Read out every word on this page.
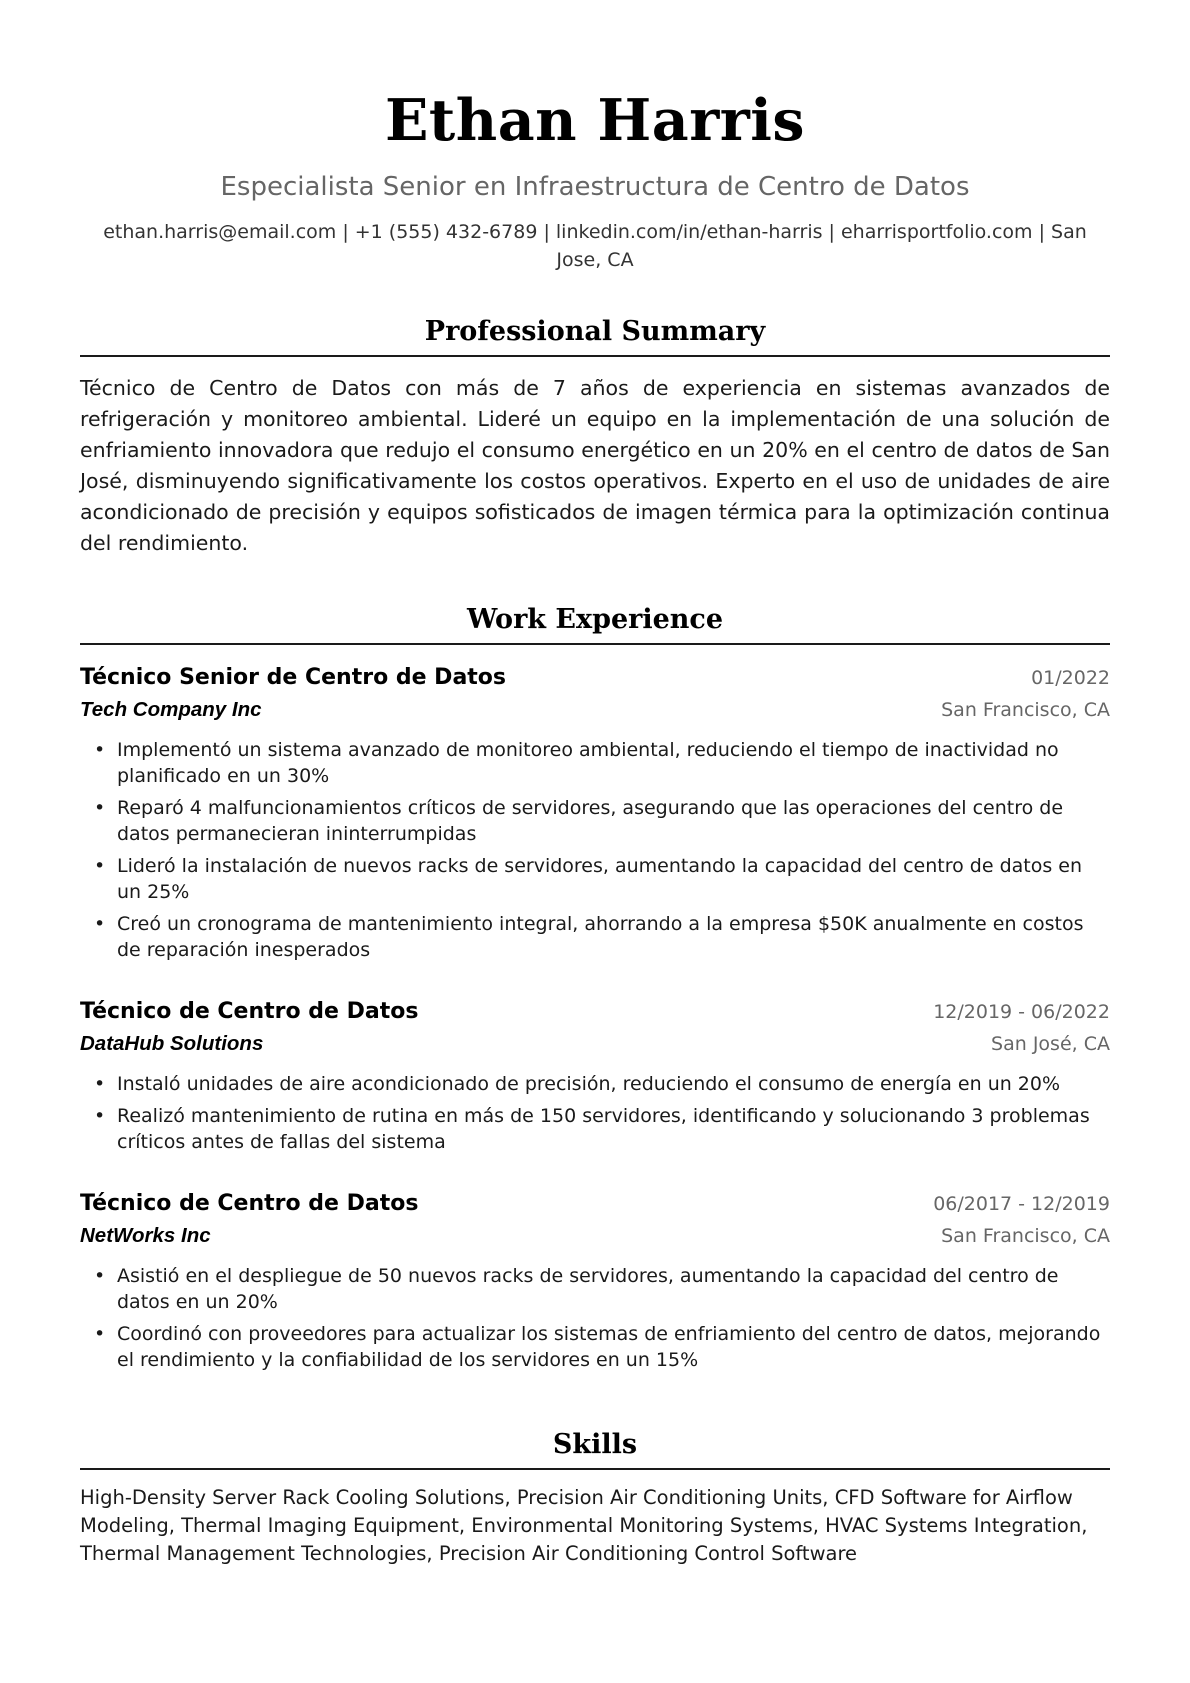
Ethan Harris
Especialista Senior en Infraestructura de Centro de Datos
ethan.harris@email.com | +1 (555) 432-6789 | linkedin.com/in/ethan-harris | eharrisportfolio.com | San Jose, CA
Professional Summary

Técnico de Centro de Datos con más de 7 años de experiencia en sistemas avanzados de refrigeración y monitoreo ambiental. Lideré un equipo en la implementación de una solución de enfriamiento innovadora que redujo el consumo energético en un 20% en el centro de datos de San José, disminuyendo significativamente los costos operativos. Experto en el uso de unidades de aire acondicionado de precisión y equipos sofisticados de imagen térmica para la optimización continua del rendimiento.

Work Experience
Técnico Senior de Centro de Datos	01/2022
Tech Company Inc	San Francisco, CA
• Implementó un sistema avanzado de monitoreo ambiental, reduciendo el tiempo de inactividad no planificado en un 30%
• Reparó 4 malfuncionamientos críticos de servidores, asegurando que las operaciones del centro de datos permanecieran ininterrumpidas
• Lideró la instalación de nuevos racks de servidores, aumentando la capacidad del centro de datos en un 25%
• Creó un cronograma de mantenimiento integral, ahorrando a la empresa $50K anualmente en costos de reparación inesperados
Técnico de Centro de Datos	12/2019 - 06/2022
DataHub Solutions	San José, CA
• Instaló unidades de aire acondicionado de precisión, reduciendo el consumo de energía en un 20%
• Realizó mantenimiento de rutina en más de 150 servidores, identificando y solucionando 3 problemas críticos antes de fallas del sistema
Técnico de Centro de Datos	06/2017 - 12/2019
NetWorks Inc	San Francisco, CA
• Asistió en el despliegue de 50 nuevos racks de servidores, aumentando la capacidad del centro de datos en un 20%
• Coordinó con proveedores para actualizar los sistemas de enfriamiento del centro de datos, mejorando el rendimiento y la confiabilidad de los servidores en un 15%
Skills

High-Density Server Rack Cooling Solutions, Precision Air Conditioning Units, CFD Software for Airflow Modeling, Thermal Imaging Equipment, Environmental Monitoring Systems, HVAC Systems Integration, Thermal Management Technologies, Precision Air Conditioning Control Software
